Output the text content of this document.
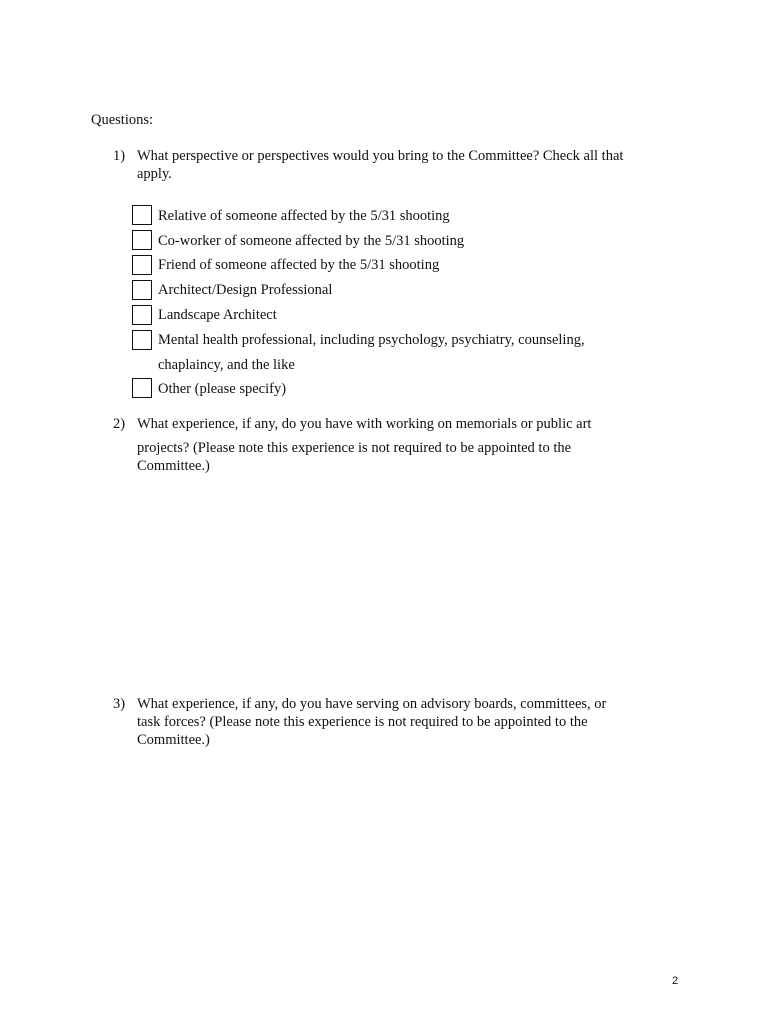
Questions:
1) What perspective or perspectives would you bring to the Committee? Check all that
apply.
Relative of someone affected by the 5/31 shooting
Co-worker of someone affected by the 5/31 shooting
Friend of someone affected by the 5/31 shooting
Architect/Design Professional
Landscape Architect
Mental health professional, including psychology, psychiatry, counseling,
chaplaincy, and the like
Other (please specify)
2) What experience, if any, do you have with working on memorials or public art
projects? (Please note this experience is not required to be appointed to the
Committee.)
3) What experience, if any, do you have serving on advisory boards, committees, or
task forces? (Please note this experience is not required to be appointed to the
Committee.)
2
